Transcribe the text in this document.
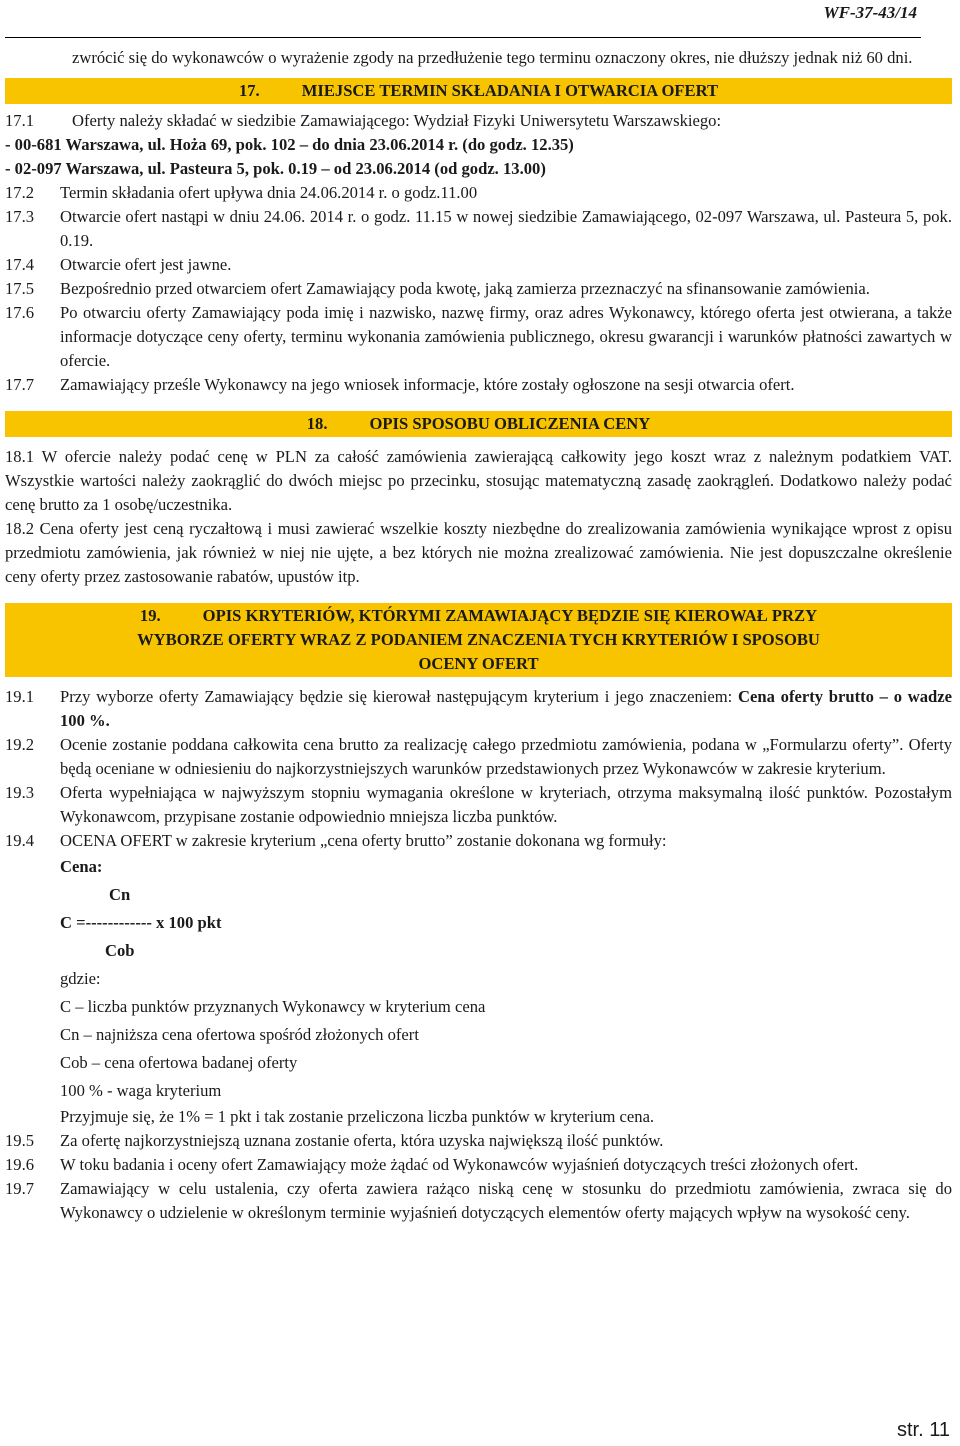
WF-37-43/14

zwrócić się do wykonawców o wyrażenie zgody na przedłużenie tego terminu oznaczony okres, nie dłuższy jednak niż 60 dni.

17.	MIEJSCE TERMIN SKŁADANIA I OTWARCIA OFERT
17.1	Oferty należy składać w siedzibie Zamawiającego: Wydział Fizyki Uniwersytetu Warszawskiego:

- 00-681 Warszawa, ul. Hoża 69, pok. 102 – do dnia 23.06.2014 r. (do godz. 12.35)

- 02-097 Warszawa, ul. Pasteura 5, pok. 0.19 – od 23.06.2014 (od godz. 13.00)

17.2	Termin składania ofert upływa dnia 24.06.2014 r. o godz.11.00
17.3	Otwarcie ofert nastąpi w dniu 24.06. 2014 r. o godz. 11.15 w nowej siedzibie Zamawiającego, 02-097 Warszawa, ul. Pasteura 5, pok. 0.19.
17.4	Otwarcie ofert jest jawne.
17.5	Bezpośrednio przed otwarciem ofert Zamawiający poda kwotę, jaką zamierza przeznaczyć na sfinansowanie zamówienia.
17.6	Po otwarciu oferty Zamawiający poda imię i nazwisko, nazwę firmy, oraz adres Wykonawcy, którego oferta jest otwierana, a także informacje dotyczące ceny oferty, terminu wykonania zamówienia publicznego, okresu gwarancji i warunków płatności zawartych w ofercie.
17.7	Zamawiający prześle Wykonawcy na jego wniosek informacje, które zostały ogłoszone na sesji otwarcia ofert.
18.	OPIS SPOSOBU OBLICZENIA CENY

18.1 W ofercie należy podać cenę w PLN za całość zamówienia zawierającą całkowity jego koszt wraz z należnym podatkiem VAT. Wszystkie wartości należy zaokrąglić do dwóch miejsc po przecinku, stosując matematyczną zasadę zaokrągleń. Dodatkowo należy podać cenę brutto za 1 osobę/uczestnika.

18.2 Cena oferty jest ceną ryczałtową i musi zawierać wszelkie koszty niezbędne do zrealizowania zamówienia wynikające wprost z opisu przedmiotu zamówienia, jak również w niej nie ujęte, a bez których nie można zrealizować zamówienia. Nie jest dopuszczalne określenie ceny oferty przez zastosowanie rabatów, upustów itp.

19.	OPIS KRYTERIÓW, KTÓRYMI ZAMAWIAJĄCY BĘDZIE SIĘ KIEROWAŁ PRZY
WYBORZE OFERTY WRAZ Z PODANIEM ZNACZENIA TYCH KRYTERIÓW I SPOSOBU
OCENY OFERT
19.1	Przy wyborze oferty Zamawiający będzie się kierował następującym kryterium i jego znaczeniem: Cena oferty brutto – o wadze 100 %.
19.2	Ocenie zostanie poddana całkowita cena brutto za realizację całego przedmiotu zamówienia, podana w „Formularzu oferty”. Oferty będą oceniane w odniesieniu do najkorzystniejszych warunków przedstawionych przez Wykonawców w zakresie kryterium.
19.3	Oferta wypełniająca w najwyższym stopniu wymagania określone w kryteriach, otrzyma maksymalną ilość punktów. Pozostałym Wykonawcom, przypisane zostanie odpowiednio mniejsza liczba punktów.
19.4	OCENA OFERT w zakresie kryterium „cena oferty brutto” zostanie dokonana wg formuły:

Cena:

Cn

C =------------ x 100 pkt

Cob

gdzie:

C – liczba punktów przyznanych Wykonawcy w kryterium cena

Cn – najniższa cena ofertowa spośród złożonych ofert

Cob – cena ofertowa badanej oferty

100 % - waga kryterium

Przyjmuje się, że 1% = 1 pkt i tak zostanie przeliczona liczba punktów w kryterium cena.

19.5	Za ofertę najkorzystniejszą uznana zostanie oferta, która uzyska największą ilość punktów.
19.6	W toku badania i oceny ofert Zamawiający może żądać od Wykonawców wyjaśnień dotyczących treści złożonych ofert.
19.7	Zamawiający w celu ustalenia, czy oferta zawiera rażąco niską cenę w stosunku do przedmiotu zamówienia, zwraca się do Wykonawcy o udzielenie w określonym terminie wyjaśnień dotyczących elementów oferty mających wpływ na wysokość ceny.
str. 11
